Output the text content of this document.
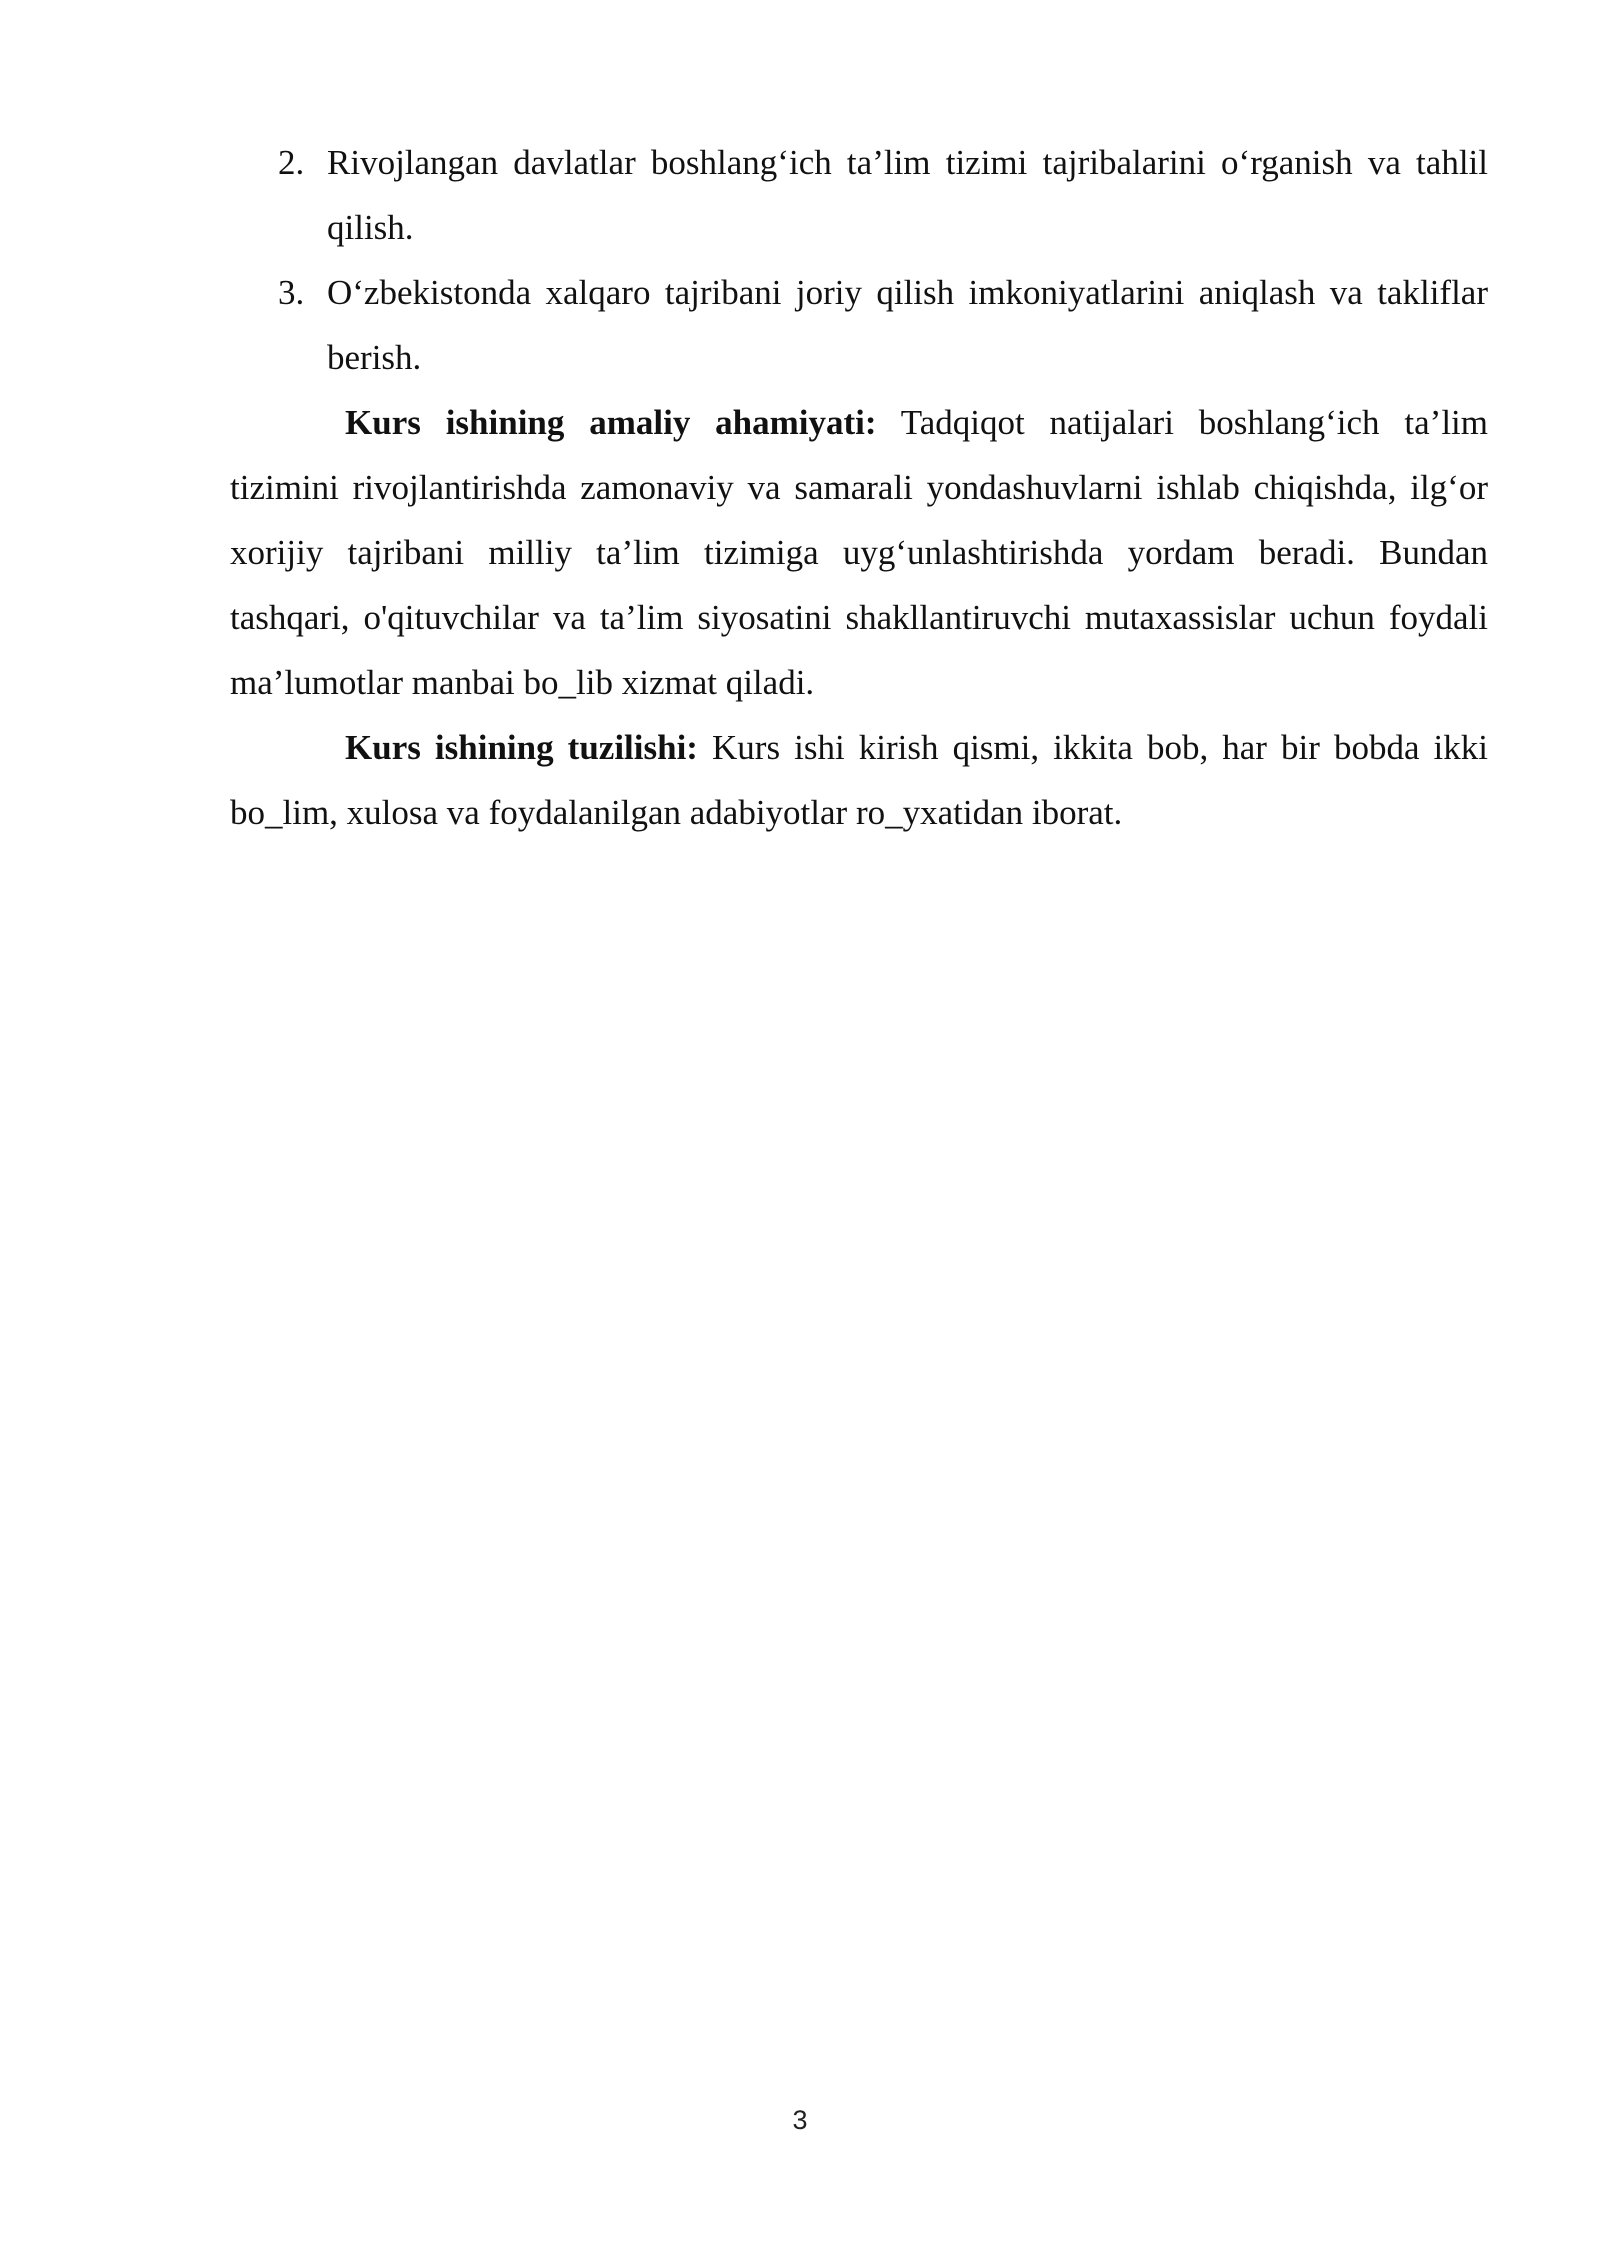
2. Rivojlangan davlatlar boshlang‘ich ta’lim tizimi tajribalarini o‘rganish va tahlil qilish.
3. O‘zbekistonda xalqaro tajribani joriy qilish imkoniyatlarini aniqlash va takliflar berish.

Kurs ishining amaliy ahamiyati: Tadqiqot natijalari boshlang‘ich ta’lim tizimini rivojlantirishda zamonaviy va samarali yondashuvlarni ishlab chiqishda, ilg‘or xorijiy tajribani milliy ta’lim tizimiga uyg‘unlashtirishda yordam beradi. Bundan tashqari, o'qituvchilar va ta’lim siyosatini shakllantiruvchi mutaxassislar uchun foydali ma’lumotlar manbai bo_lib xizmat qiladi.

Kurs ishining tuzilishi: Kurs ishi kirish qismi, ikkita bob, har bir bobda ikki bo_lim, xulosa va foydalanilgan adabiyotlar ro_yxatidan iborat.

3
